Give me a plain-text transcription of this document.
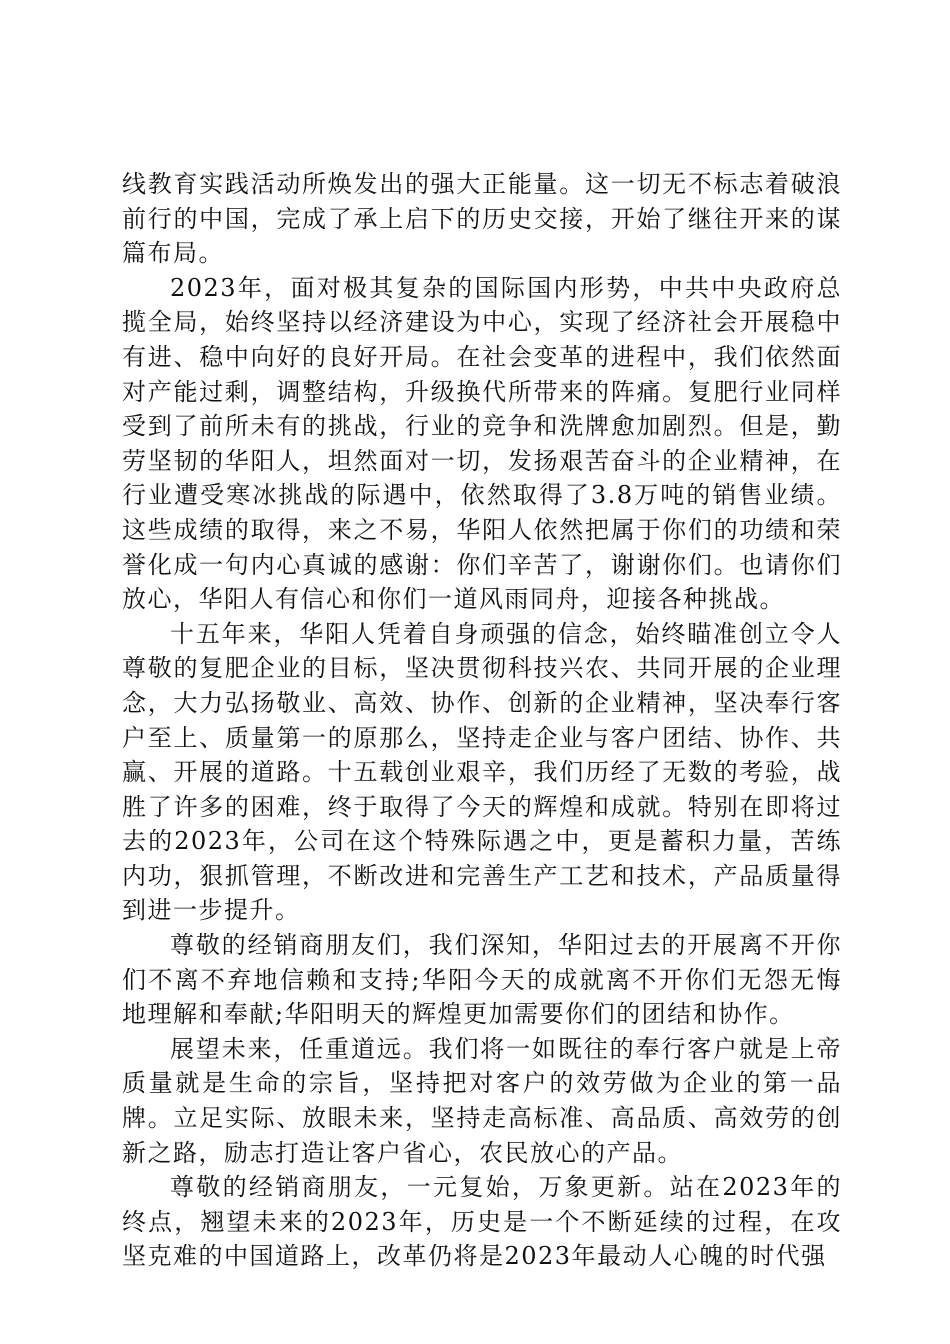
线教育实践活动所焕发出的强大正能量。这一切无不标志着破浪前行的中国，完成了承上启下的历史交接，开始了继往开来的谋篇布局。

2023年，面对极其复杂的国际国内形势，中共中央政府总揽全局，始终坚持以经济建设为中心，实现了经济社会开展稳中有进、稳中向好的良好开局。在社会变革的进程中，我们依然面对产能过剩，调整结构，升级换代所带来的阵痛。复肥行业同样受到了前所未有的挑战，行业的竞争和洗牌愈加剧烈。但是，勤劳坚韧的华阳人，坦然面对一切，发扬艰苦奋斗的企业精神，在行业遭受寒冰挑战的际遇中，依然取得了3.8万吨的销售业绩。这些成绩的取得，来之不易，华阳人依然把属于你们的功绩和荣誉化成一句内心真诚的感谢：你们辛苦了，谢谢你们。也请你们放心，华阳人有信心和你们一道风雨同舟，迎接各种挑战。

十五年来，华阳人凭着自身顽强的信念，始终瞄准创立令人尊敬的复肥企业的目标，坚决贯彻科技兴农、共同开展的企业理念，大力弘扬敬业、高效、协作、创新的企业精神，坚决奉行客户至上、质量第一的原那么，坚持走企业与客户团结、协作、共赢、开展的道路。十五载创业艰辛，我们历经了无数的考验，战胜了许多的困难，终于取得了今天的辉煌和成就。特别在即将过去的2023年，公司在这个特殊际遇之中，更是蓄积力量，苦练内功，狠抓管理，不断改进和完善生产工艺和技术，产品质量得到进一步提升。

尊敬的经销商朋友们，我们深知，华阳过去的开展离不开你们不离不弃地信赖和支持;华阳今天的成就离不开你们无怨无悔地理解和奉献;华阳明天的辉煌更加需要你们的团结和协作。

展望未来，任重道远。我们将一如既往的奉行客户就是上帝质量就是生命的宗旨，坚持把对客户的效劳做为企业的第一品牌。立足实际、放眼未来，坚持走高标准、高品质、高效劳的创新之路，励志打造让客户省心，农民放心的产品。

尊敬的经销商朋友，一元复始，万象更新。站在2023年的终点，翘望未来的2023年，历史是一个不断延续的过程，在攻坚克难的中国道路上，改革仍将是2023年最动人心魄的时代强
